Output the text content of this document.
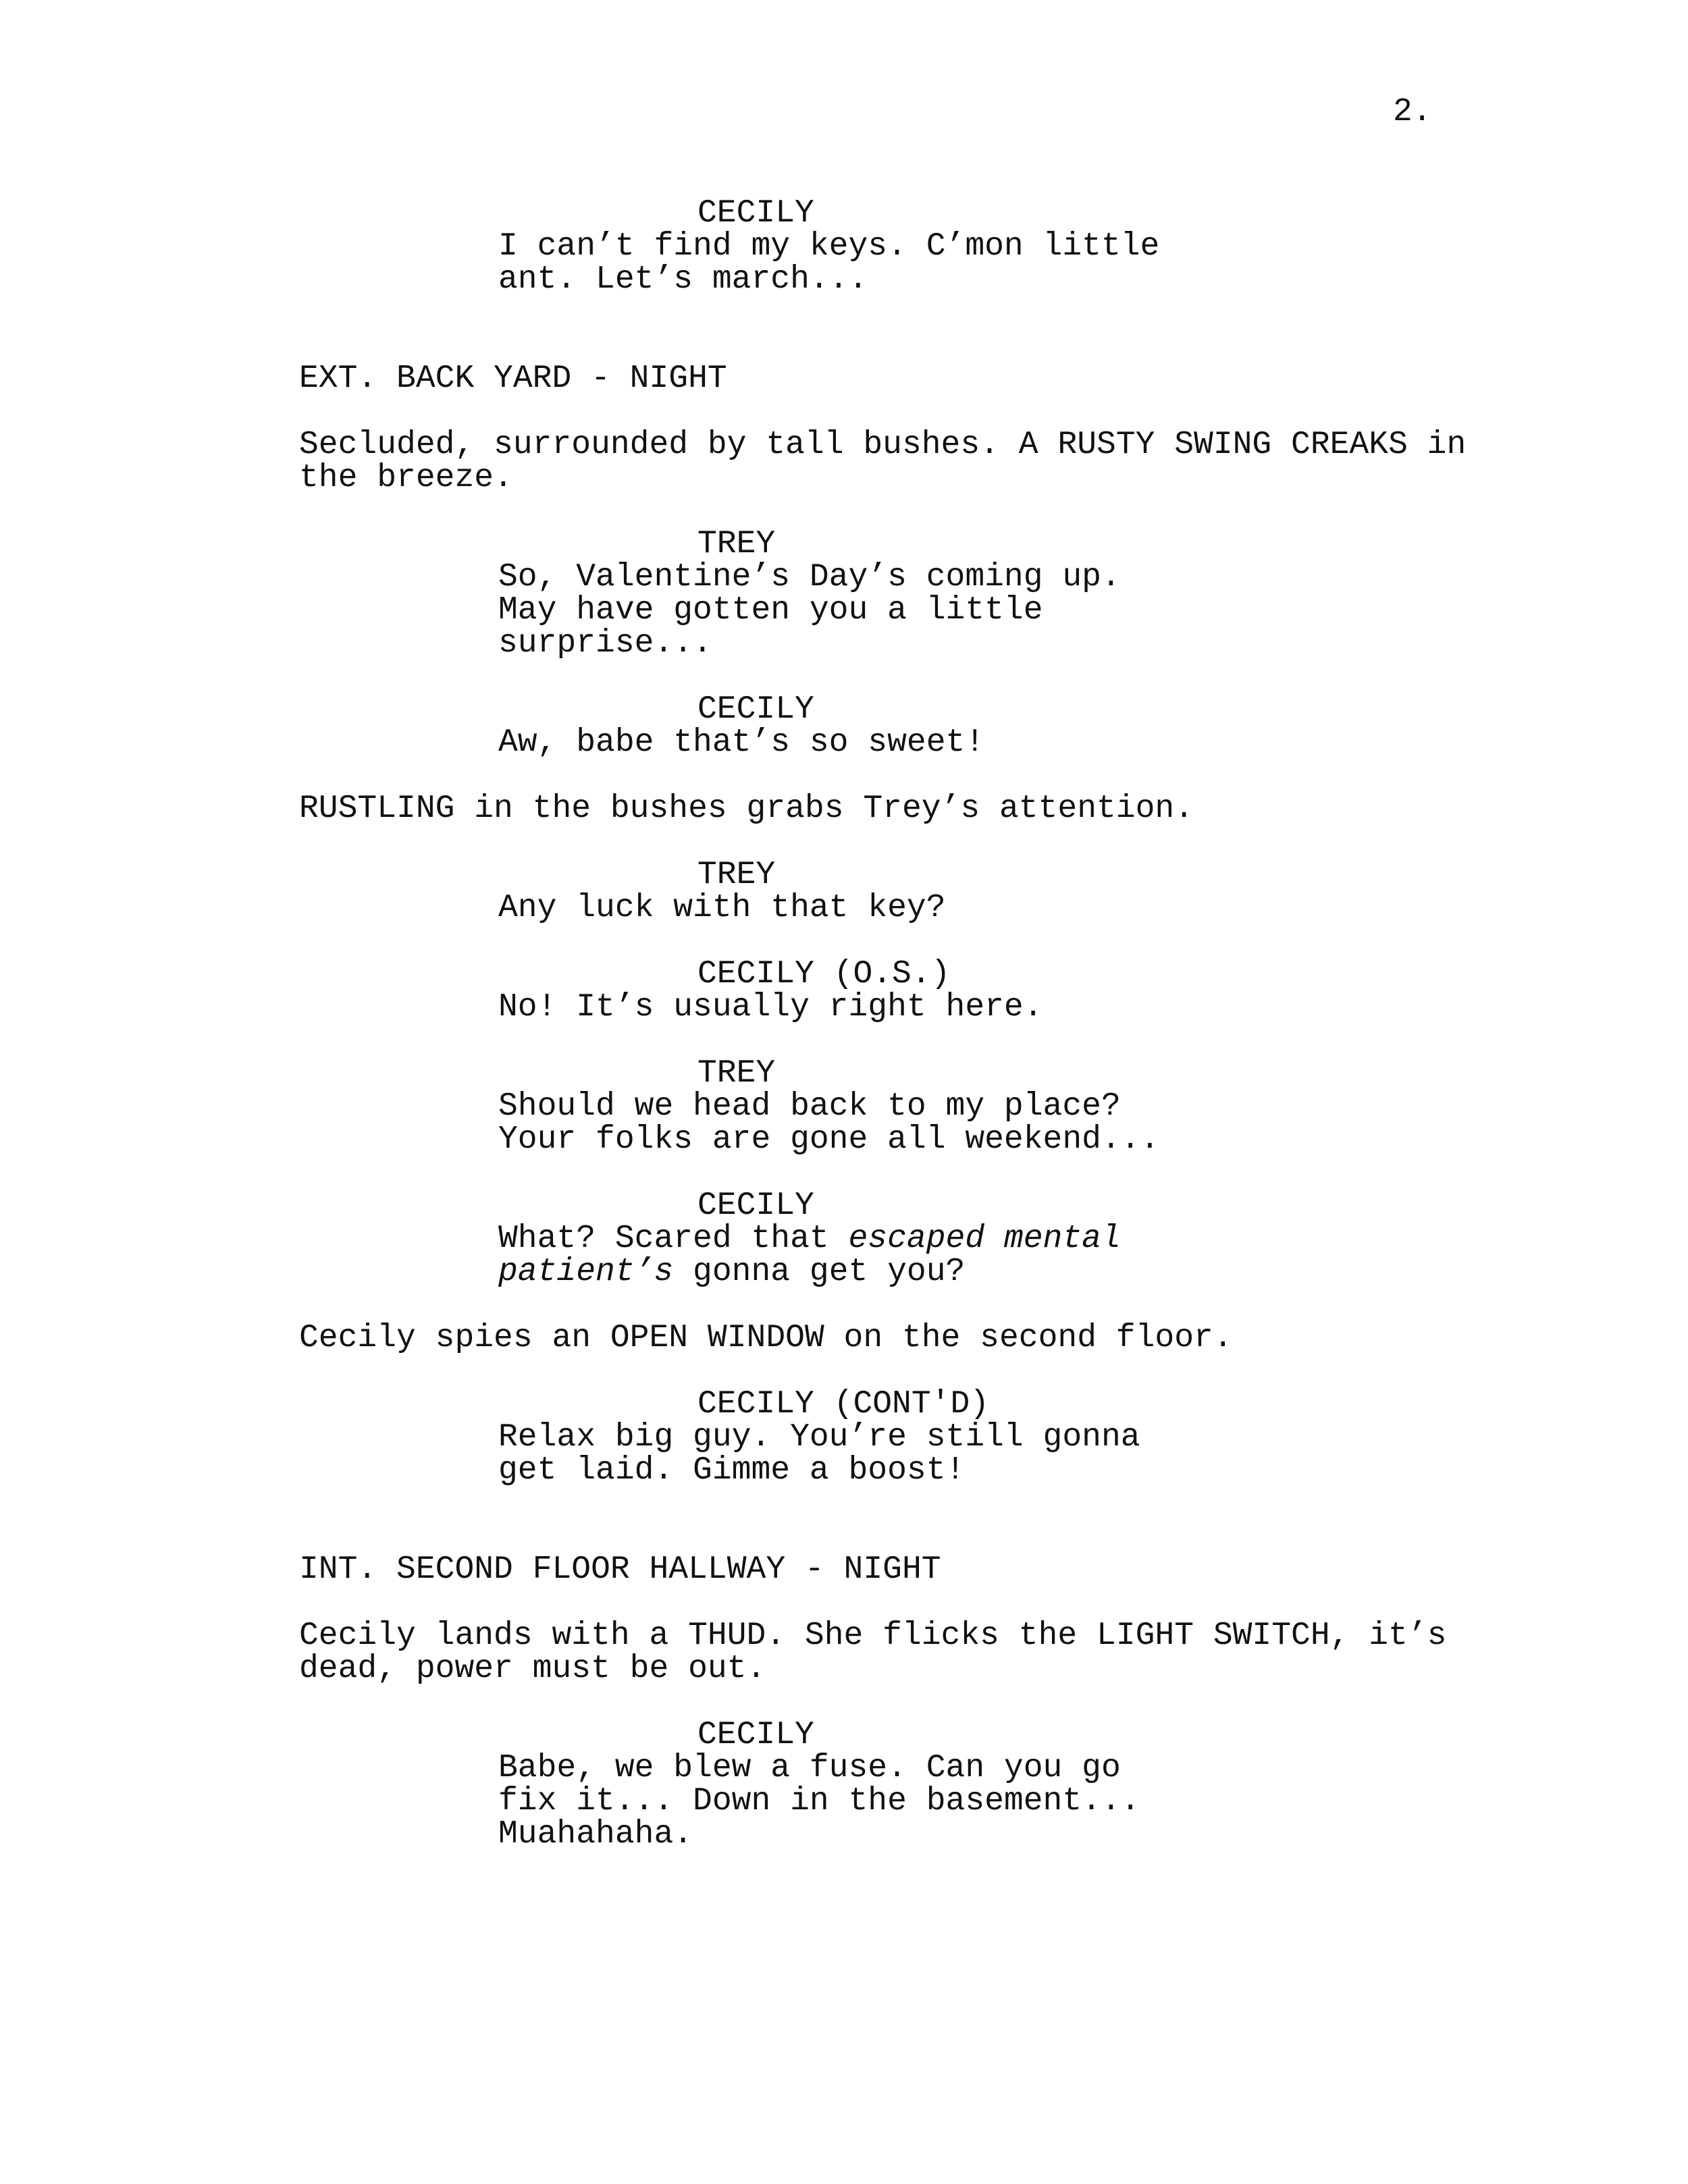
2.
CECILY
I can’t find my keys. C’mon little
ant. Let’s march...
EXT. BACK YARD - NIGHT
Secluded, surrounded by tall bushes. A RUSTY SWING CREAKS in
the breeze.
TREY
So, Valentine’s Day’s coming up.
May have gotten you a little
surprise...
CECILY
Aw, babe that’s so sweet!
RUSTLING in the bushes grabs Trey’s attention.
TREY
Any luck with that key?
CECILY (O.S.)
No! It’s usually right here.
TREY
Should we head back to my place?
Your folks are gone all weekend...
CECILY
What? Scared that escaped mental
patient’s gonna get you?
Cecily spies an OPEN WINDOW on the second floor.
CECILY (CONT'D)
Relax big guy. You’re still gonna
get laid. Gimme a boost!
INT. SECOND FLOOR HALLWAY - NIGHT
Cecily lands with a THUD. She flicks the LIGHT SWITCH, it’s
dead, power must be out.
CECILY
Babe, we blew a fuse. Can you go
fix it... Down in the basement...
Muahahaha.
